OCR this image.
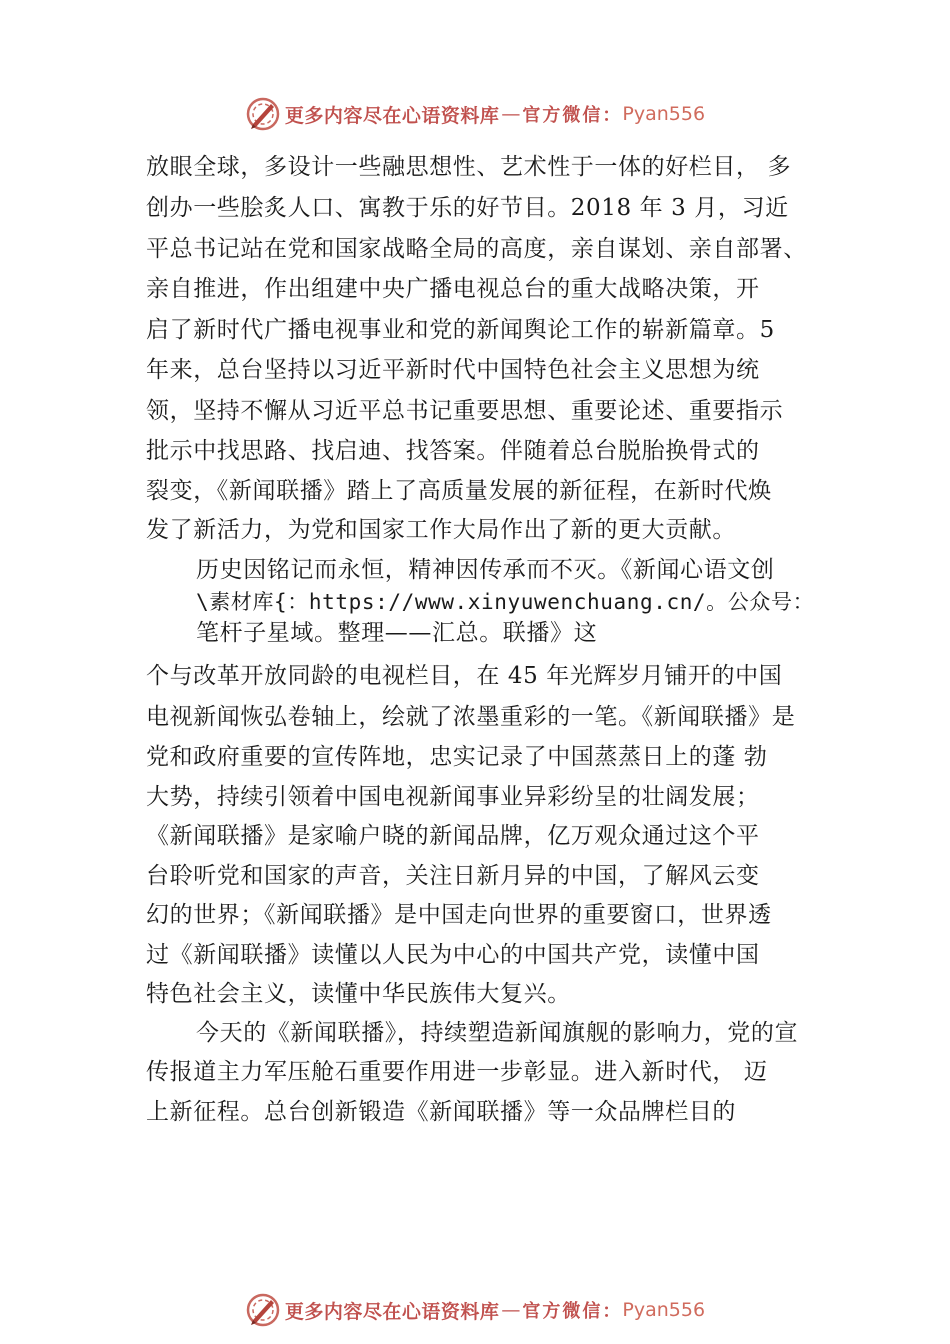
更多内容尽在心语资料库 — 官方微信： Pyan556
放眼全球，多设计一些融思想性、艺术性于一体的好栏目， 多
创办一些脍炙人口、寓教于乐的好节目。2018 年 3 月，习近
平总书记站在党和国家战略全局的高度，亲自谋划、亲自部署、
亲自推进，作出组建中央广播电视总台的重大战略决策，开
启了新时代广播电视事业和党的新闻舆论工作的崭新篇章。5
年来，总台坚持以习近平新时代中国特色社会主义思想为统
领，坚持不懈从习近平总书记重要思想、重要论述、重要指示
批示中找思路、找启迪、找答案。伴随着总台脱胎换骨式的
裂变，《新闻联播》踏上了高质量发展的新征程，在新时代焕
发了新活力，为党和国家工作大局作出了新的更大贡献。
历史因铭记而永恒，精神因传承而不灭。《新闻心语文创
\素材库{：https://www.xinyuwenchuang.cn/。公众号：
笔杆子星域。整理——汇总。联播》这
个与改革开放同龄的电视栏目，在 45 年光辉岁月铺开的中国
电视新闻恢弘卷轴上，绘就了浓墨重彩的一笔。《新闻联播》是
党和政府重要的宣传阵地，忠实记录了中国蒸蒸日上的蓬 勃
大势，持续引领着中国电视新闻事业异彩纷呈的壮阔发展；
《新闻联播》是家喻户晓的新闻品牌，亿万观众通过这个平
台聆听党和国家的声音，关注日新月异的中国，了解风云变
幻的世界；《新闻联播》是中国走向世界的重要窗口，世界透
过《新闻联播》读懂以人民为中心的中国共产党，读懂中国
特色社会主义，读懂中华民族伟大复兴。
今天的《新闻联播》，持续塑造新闻旗舰的影响力，党的宣
传报道主力军压舱石重要作用进一步彰显。进入新时代， 迈
上新征程。总台创新锻造《新闻联播》等一众品牌栏目的
更多内容尽在心语资料库 — 官方微信： Pyan556
